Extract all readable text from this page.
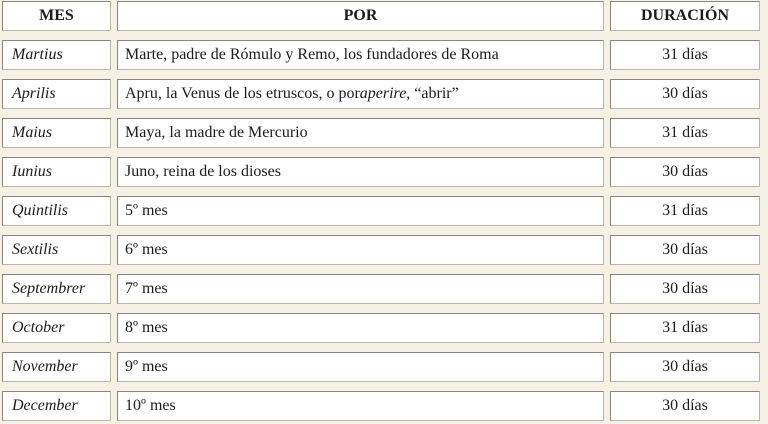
MES	POR	DURACIÓN
Martius	Marte, padre de Rómulo y Remo, los fundadores de Roma	31 días
Aprilis	Apru, la Venus de los etruscos, o por aperire , “abrir”	30 días
Maius	Maya, la madre de Mercurio	31 días
Iunius	Juno, reina de los dioses	30 días
Quintilis	5º mes	31 días
Sextilis	6º mes	30 días
Septembrer	7º mes	30 días
October	8º mes	31 días
November	9º mes	30 días
December	10º mes	30 días
